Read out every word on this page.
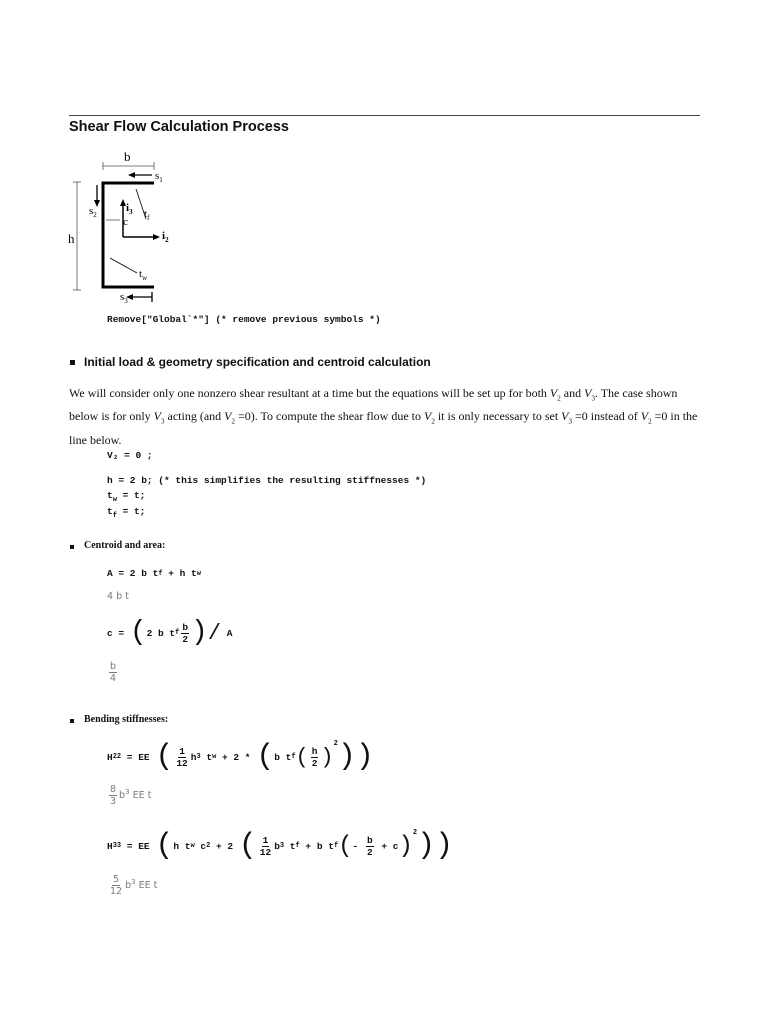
Shear Flow Calculation Process
b
h
$s_1$
$s_2$
$s_3$
$i_3$
$i_2$
c
$t_f$
$t_w$
Remove["Global`*"] (* remove previous symbols *)
Initial load & geometry specification and centroid calculation
We will consider only one nonzero shear resultant at a time but the equations will be set up for both $V_2$ and $V_3$. The case shown below is for only $V_3$ acting (and $V_2 =0$). To compute the shear flow due to $V_2$ it is only necessary to set $V_3 =0$ instead of $V_2 =0$ in the line below.
V₂ = 0 ;
h = 2 b; (* this simplifies the resulting stiffnesses *)
$t_w = t$;
$t_f = t$;
Centroid and area:
A = 2 b t f + h t w
4 b t
c = ( 2 b t f $\frac{b}{2}$ ) / A
$\frac{b}{4}$
Bending stiffnesses:
H 22 = EE ( $\frac{1}{12}$ h 3 t w + 2 * ( b t f ( $\frac{h}{2}$ )
$^2$ ))
$\frac{8}{3} b^3$ EE t
H 33 = EE ( h t w c 2 + 2 ( $\frac{1}{12}$ b 3 t f + b t f ( - $\frac{b}{2} + c$ )$^2$ ))
$\frac{5}{12} b^3$ EE t
